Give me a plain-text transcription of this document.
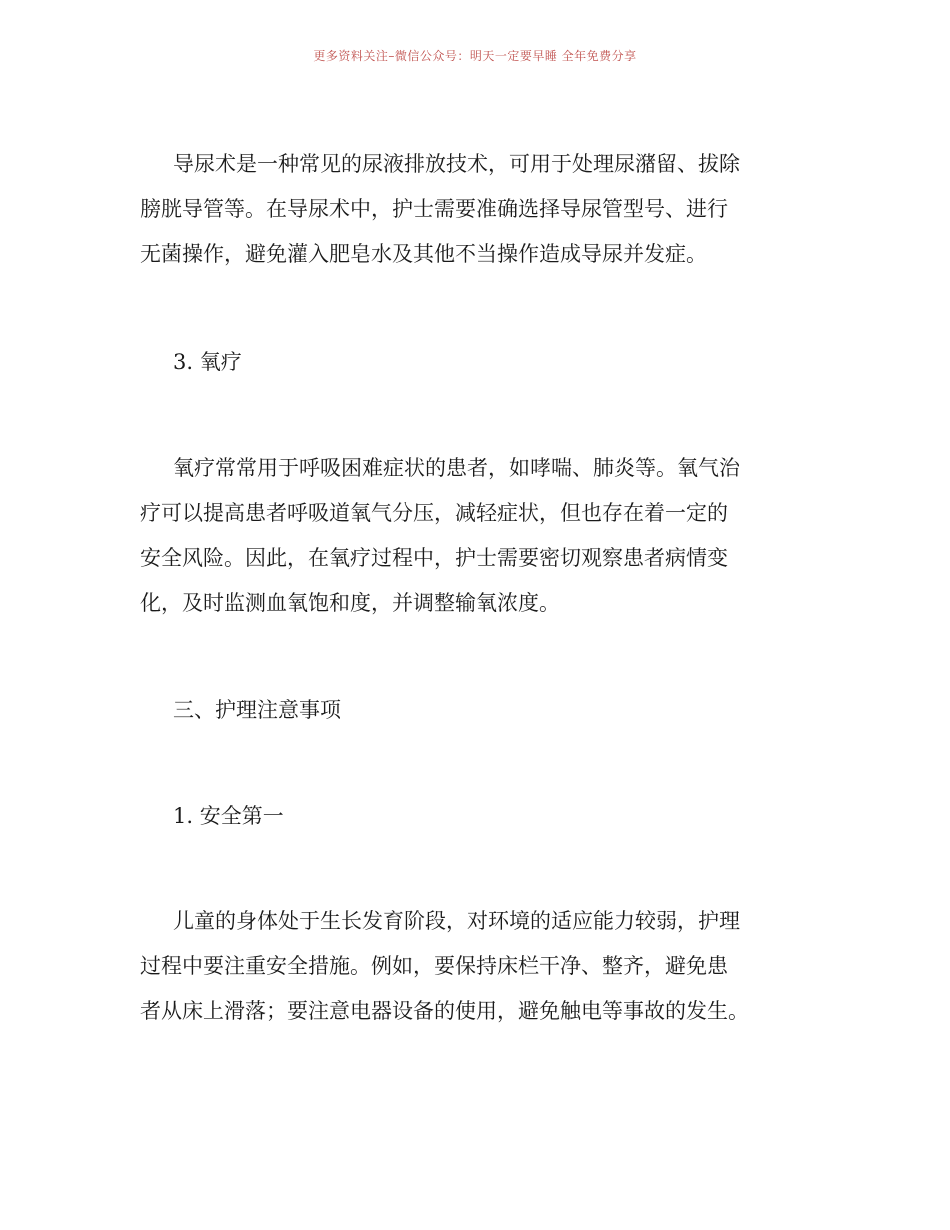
更多资料关注–微信公众号：明天一定要早睡 全年免费分享
导尿术是一种常见的尿液排放技术，可用于处理尿潴留、拔除
膀胱导管等。在导尿术中，护士需要准确选择导尿管型号、进行
无菌操作，避免灌入肥皂水及其他不当操作造成导尿并发症。
3. 氧疗
氧疗常常用于呼吸困难症状的患者，如哮喘、肺炎等。氧气治
疗可以提高患者呼吸道氧气分压，减轻症状，但也存在着一定的
安全风险。因此，在氧疗过程中，护士需要密切观察患者病情变
化，及时监测血氧饱和度，并调整输氧浓度。
三、护理注意事项
1. 安全第一
儿童的身体处于生长发育阶段，对环境的适应能力较弱，护理
过程中要注重安全措施。例如，要保持床栏干净、整齐，避免患
者从床上滑落；要注意电器设备的使用，避免触电等事故的发生。
